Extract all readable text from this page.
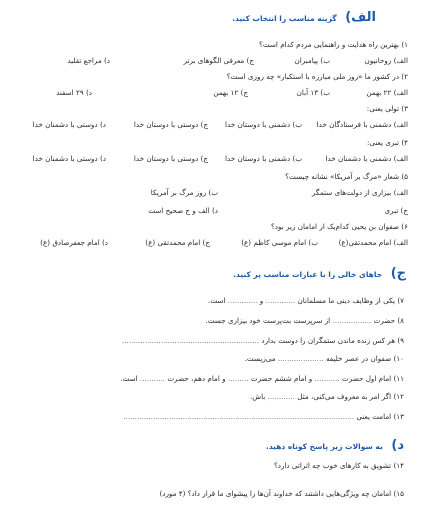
الف) گزینه مناسب را انتخاب کنید.
۱) بهترین راه هدایت و راهنمایی مردم کدام است؟
الف) روحانیون
ب) پیامبران
ج) معرفی الگوهای برتر
د) مراجع تقلید
۲) در کشور ما «روز ملی مبارزه با استکبار» چه روزی است؟
الف) ۲۲ بهمن
ب) ۱۳ آبان
ج) ۱۲ بهمن
د) ۲۹ اسفند
۳) تولی یعنی:
الف) دشمنی با فرستادگان خدا
ب) دشمنی با دوستان خدا
ج) دوستی با دوستان خدا
د) دوستی با دشمنان خدا
۴) تبری یعنی:
الف) دشمنی با دشمنان خدا
ب) دشمنی با دوستان خدا
ج) دوستی با دوستان خدا
د) دوستی با دشمنان خدا
۵) شعار «مرگ بر آمریکا» نشانه چیست؟
الف) بیزاری از دولت‌های ستمگر
ب) روز مرگ بر آمریکا
ج) تبری
د) الف و ج صحیح است
۶) صفوان بن یحیی کدام‌یک از امامان زیر بود؟
الف) امام محمدتقی(ع)
ب) امام موسی کاظم (ع)
ج) امام محمدتقی (ع)
د) امام جعفرصادق (ع)
ج) جاهای خالی را با عبارات مناسب پر کنید.
۷) یکی از وظایف دینی ما مسلمانان ............. و ............. است.
۸) حضرت ................. از سرپرست بت‌پرست خود بیزاری جست.
۹) هر کس زنده ماندن ستمگران را دوست بدارد ............................................................
۱۰) صفوان در عصر خلیفه .................... می‌زیست.
۱۱) امام اول حضرت ........... و امام ششم حضرت ......... و امام دهم، حضرت ........... است.
۱۲) اگر امر به معروف می‌کنی، مثل ............ باش.
۱۳) امامت یعنی .....................................................................................................
د) به سوالات زیر پاسخ کوتاه دهید.
۱۴) تشویق به کارهای خوب چه اثراتی دارد؟
۱۵) امامان چه ویژگی‌هایی داشتند که خداوند آن‌ها را پیشوای ما قرار داد؟ (۴ مورد)
